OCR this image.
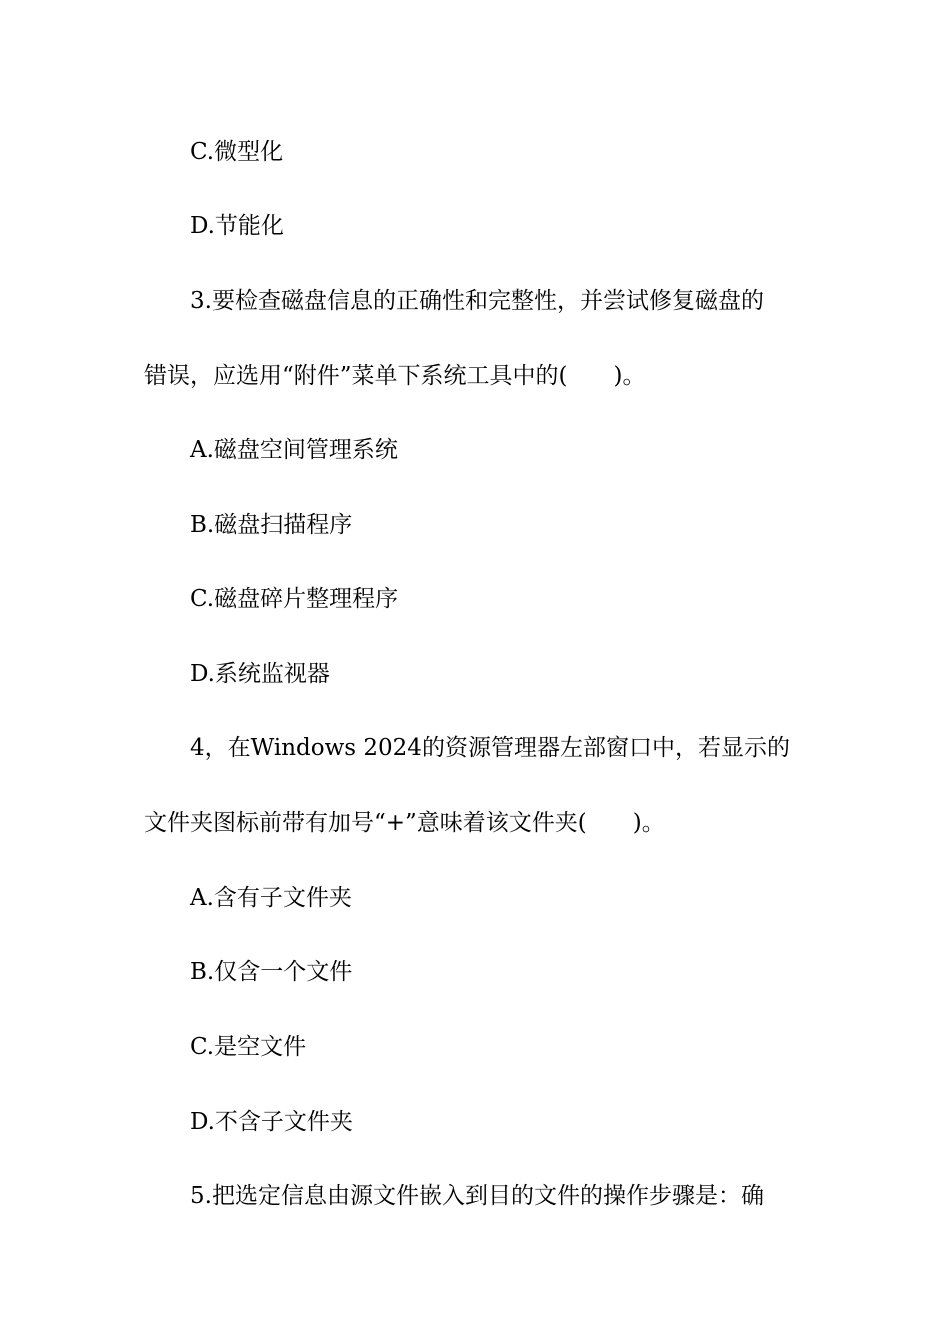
C.微型化
D.节能化
3.要检查磁盘信息的正确性和完整性，并尝试修复磁盘的
错误，应选用“附件”菜单下系统工具中的(　　)。
A.磁盘空间管理系统
B.磁盘扫描程序
C.磁盘碎片整理程序
D.系统监视器
4，在Windows 2024的资源管理器左部窗口中，若显示的
文件夹图标前带有加号“+”意味着该文件夹(　　)。
A.含有子文件夹
B.仅含一个文件
C.是空文件
D.不含子文件夹
5.把选定信息由源文件嵌入到目的文件的操作步骤是：确
